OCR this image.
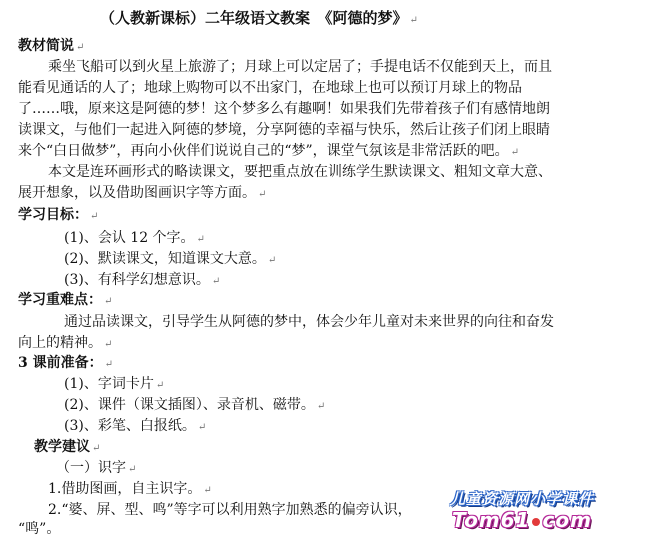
（人教新课标）二年级语文教案　《阿德的梦》 ↵
教材简说 ↵
乘坐飞船可以到火星上旅游了；月球上可以定居了；手提电话不仅能到天上，而且
能看见通话的人了；地球上购物可以不出家门，在地球上也可以预订月球上的物品
了……哦，原来这是阿德的梦！这个梦多么有趣啊！如果我们先带着孩子们有感情地朗
读课文，与他们一起进入阿德的梦境，分享阿德的幸福与快乐，然后让孩子们闭上眼睛
来个“白日做梦”，再向小伙伴们说说自己的“梦”，课堂气氛该是非常活跃的吧。 ↵
本文是连环画形式的略读课文，要把重点放在训练学生默读课文、粗知文章大意、
展开想象，以及借助图画识字等方面。 ↵
学习目标： ↵
(1)、会认 12 个字。 ↵
(2)、默读课文，知道课文大意。 ↵
(3)、有科学幻想意识。 ↵
学习重难点： ↵
通过品读课文，引导学生从阿德的梦中，体会少年儿童对未来世界的向往和奋发
向上的精神。 ↵
3 课前准备： ↵
(1)、字词卡片 ↵
(2)、课件（课文插图）、录音机、磁带。 ↵
(3)、彩笔、白报纸。 ↵
教学建议 ↵
（一）识字 ↵
1.借助图画，自主识字。 ↵
2.“婆、屏、型、鸣”等字可以利用熟字加熟悉的偏旁认识，
“鸣”。
儿童资源网小学课件
Tom61 com
